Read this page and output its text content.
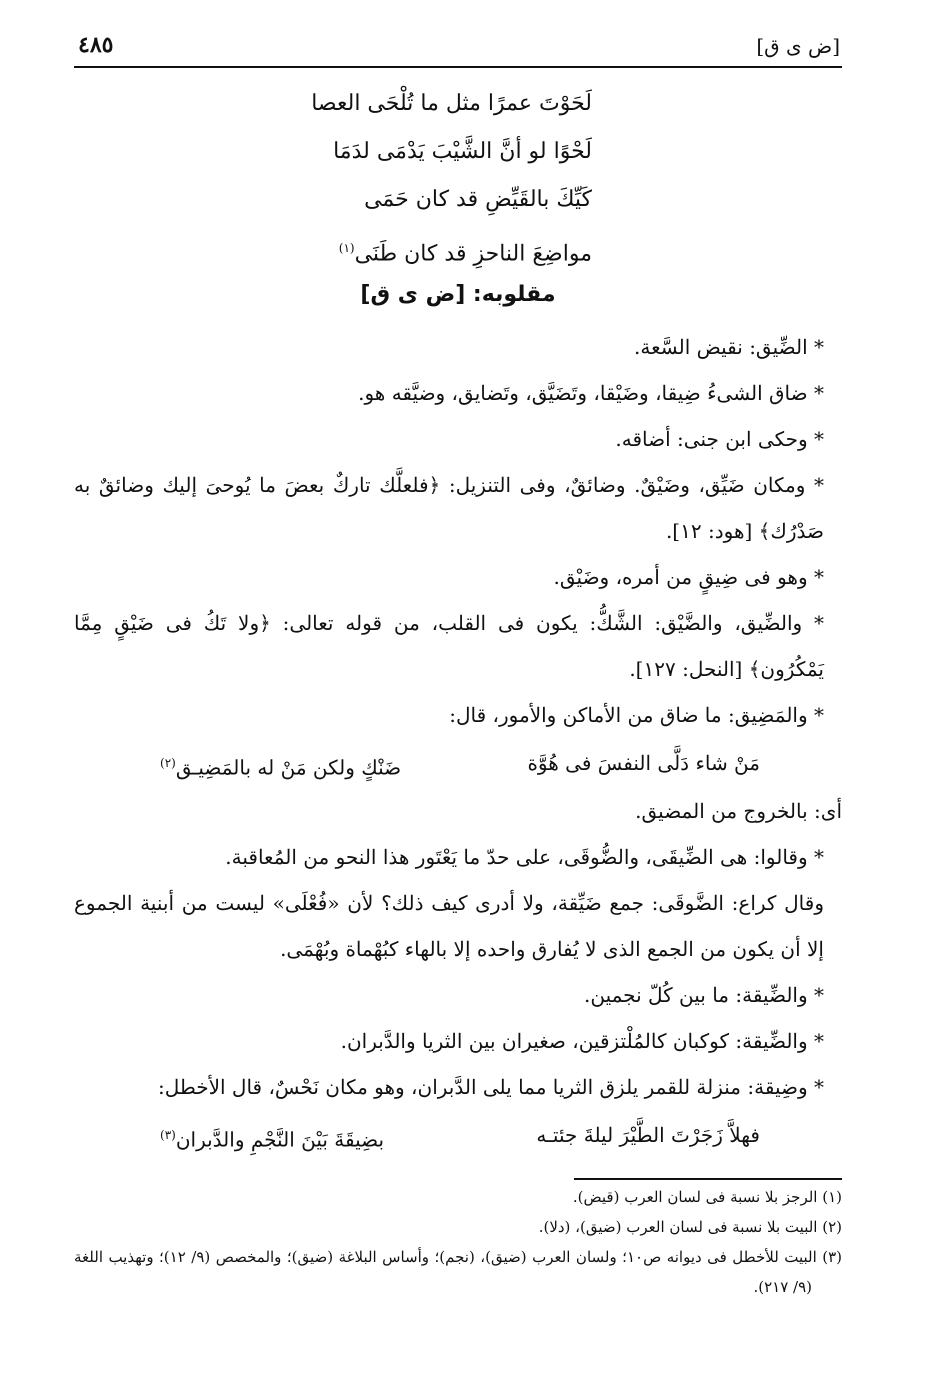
[ض ى ق]
٤٨٥
لَحَوْتَ عمرًا مثل ما تُلْحَى العصا
لَحْوًا لو أنَّ الشَّيْبَ يَدْمَى لدَمَا
كَيِّكَ بالقَيِّضِ قد كان حَمَى
مواضِعَ الناحزِ قد كان طَنَى$^{(١)}$
مقلوبه: [ض ى ق]

* الضِّيق: نقيض السَّعة.

* ضاق الشىءُ ضِيقا، وضَيْقا، وتَضَيَّق، وتَضايق، وضيَّقه هو.

* وحكى ابن جنى: أضاقه.

* ومكان ضَيِّق، وضَيْقٌ. وضائقٌ، وفى التنزيل: ﴿فلعلَّك تاركٌ بعضَ ما يُوحىَ إليك وضائقٌ به صَدْرُك﴾ [هود: ١٢].

* وهو فى ضِيقٍ من أمره، وضَيْق.

* والضِّيق، والضَّيْق: الشَّكُّ: يكون فى القلب، من قوله تعالى: ﴿ولا تَكُ فى ضَيْقٍ مِمَّا يَمْكُرُون﴾ [النحل: ١٢٧].

* والمَضِيق: ما ضاق من الأماكن والأمور، قال:

مَنْ شاء دَلَّى النفسَ فى هُوَّة
ضَنْكٍ ولكن مَنْ له بالمَضِيـق$^{(٢)}$

أى: بالخروج من المضيق.

* وقالوا: هى الضِّيقَى، والضُّوقَى، على حدّ ما يَعْتَور هذا النحو من المُعاقبة.

وقال كراع: الضَّوقَى: جمع ضَيِّقة، ولا أدرى كيف ذلك؟ لأن «فُعْلَى» ليست من أبنية الجموع إلا أن يكون من الجمع الذى لا يُفارق واحده إلا بالهاء كبُهْماة وبُهْمَى.

* والضِّيقة: ما بين كُلّ نجمين.

* والضِّيقة: كوكبان كالمُلْتزقين، صغيران بين الثريا والدَّبران.

* وضِيقة: منزلة للقمر يلزق الثريا مما يلى الدَّبران، وهو مكان نَحْسٌ، قال الأخطل:

فهلاَّ زَجَرْتَ الطَّيْرَ ليلةَ جئتـه
بضِيقَةَ بَيْنَ النَّجْمِ والدَّبران$^{(٣)}$

(١) الرجز بلا نسبة فى لسان العرب (قيض).

(٢) البيت بلا نسبة فى لسان العرب (ضيق)، (دلا).

(٣) البيت للأخطل فى ديوانه ص١٠؛ ولسان العرب (ضيق)، (نجم)؛ وأساس البلاغة (ضيق)؛ والمخصص (٩/ ١٢)؛ وتهذيب اللغة (٩/ ٢١٧).
